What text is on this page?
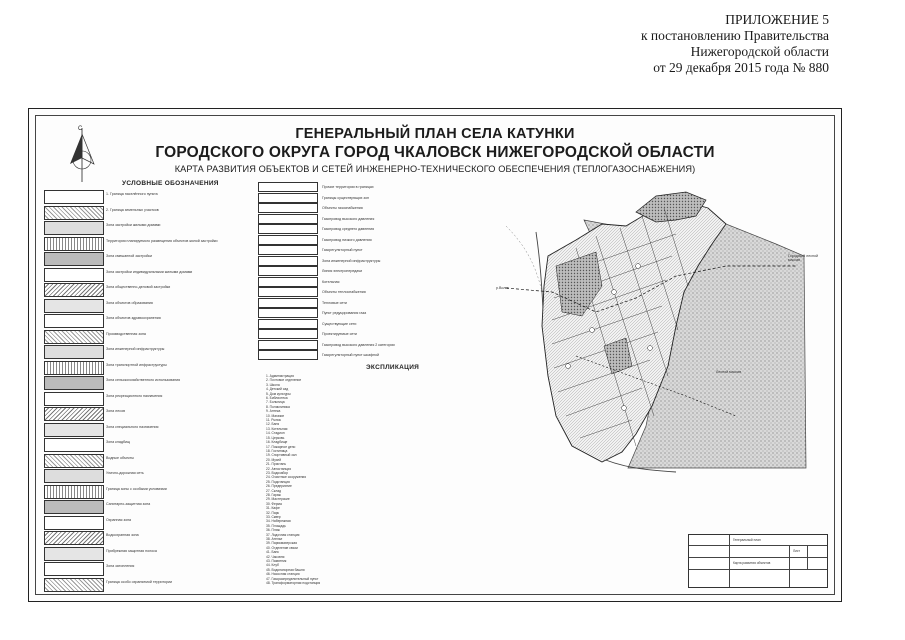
ПРИЛОЖЕНИЕ 5
к постановлению Правительства
Нижегородской области
от 29 декабря 2015 года № 880
С	ГЕНЕРАЛЬНЫЙ ПЛАН СЕЛА КАТУНКИ
ГОРОДСКОГО ОКРУГА ГОРОД ЧКАЛОВСК НИЖЕГОРОДСКОЙ ОБЛАСТИ
КАРТА РАЗВИТИЯ ОБЪЕКТОВ И СЕТЕЙ ИНЖЕНЕРНО-ТЕХНИЧЕСКОГО ОБЕСПЕЧЕНИЯ (ТЕПЛОГАЗОСНАБЖЕНИЯ)
УСЛОВНЫЕ ОБОЗНАЧЕНИЯ
1. Граница населённого пункта
2. Граница земельных участков
Зона застройки жилыми домами
Территория планируемого размещения объектов жилой застройки
Зона смешанной застройки
Зона застройки индивидуальными жилыми домами
Зона общественно-деловой застройки
Зона объектов образования
Зона объектов здравоохранения
Производственная зона
Зона инженерной инфраструктуры
Зона транспортной инфраструктуры
Зона сельскохозяйственного использования
Зона рекреационного назначения
Зона лесов
Зона специального назначения
Зона кладбищ
Водные объекты
Улично-дорожная сеть
Граница зоны с особыми условиями
Санитарно-защитная зона
Охранная зона
Водоохранная зона
Прибрежная защитная полоса
Зона затопления
Граница особо охраняемой территории
Прочие территории в границах
Границы существующих зон
Объекты газоснабжения
Газопровод высокого давления
Газопровод среднего давления
Газопровод низкого давления
Газорегуляторный пункт
Зона инженерной инфраструктуры
Линия электропередачи
Котельная
Объекты теплоснабжения
Тепловые сети
Пункт редуцирования газа
Существующие сети
Проектируемые сети
Газопровод высокого давления 2 категории
Газорегуляторный пункт шкафной
ЭКСПЛИКАЦИЯ
1. Администрация
2. Почтовое отделение
3. Школа
4. Детский сад
5. Дом культуры
6. Библиотека
7. Больница
8. Поликлиника
9. Аптека
10. Магазин
11. Рынок
12. Баня
13. Котельная
14. Стадион
15. Церковь
16. Кладбище
17. Пожарное депо
18. Гостиница
19. Спортивный зал
20. Музей
21. Пристань
22. Автостанция
23. Водозабор
24. Очистные сооружения
25. Подстанция
26. Предприятие
27. Склад
28. Гараж
29. Мастерские
30. Ферма
31. Кафе
32. Парк
33. Сквер
34. Набережная
35. Площадь
36. Пляж
37. Лодочная станция
38. Ателье
39. Парикмахерская
40. Отделение связи
41. Банк
42. Часовня
43. Памятник
44. Клуб
45. Водонапорная башня
46. Насосная станция
47. Газораспределительный пункт
48. Трансформаторная подстанция
р.Волга
Городской лесной массив
Лесной массив
Генеральный план
Карта развития объектов
Лист
